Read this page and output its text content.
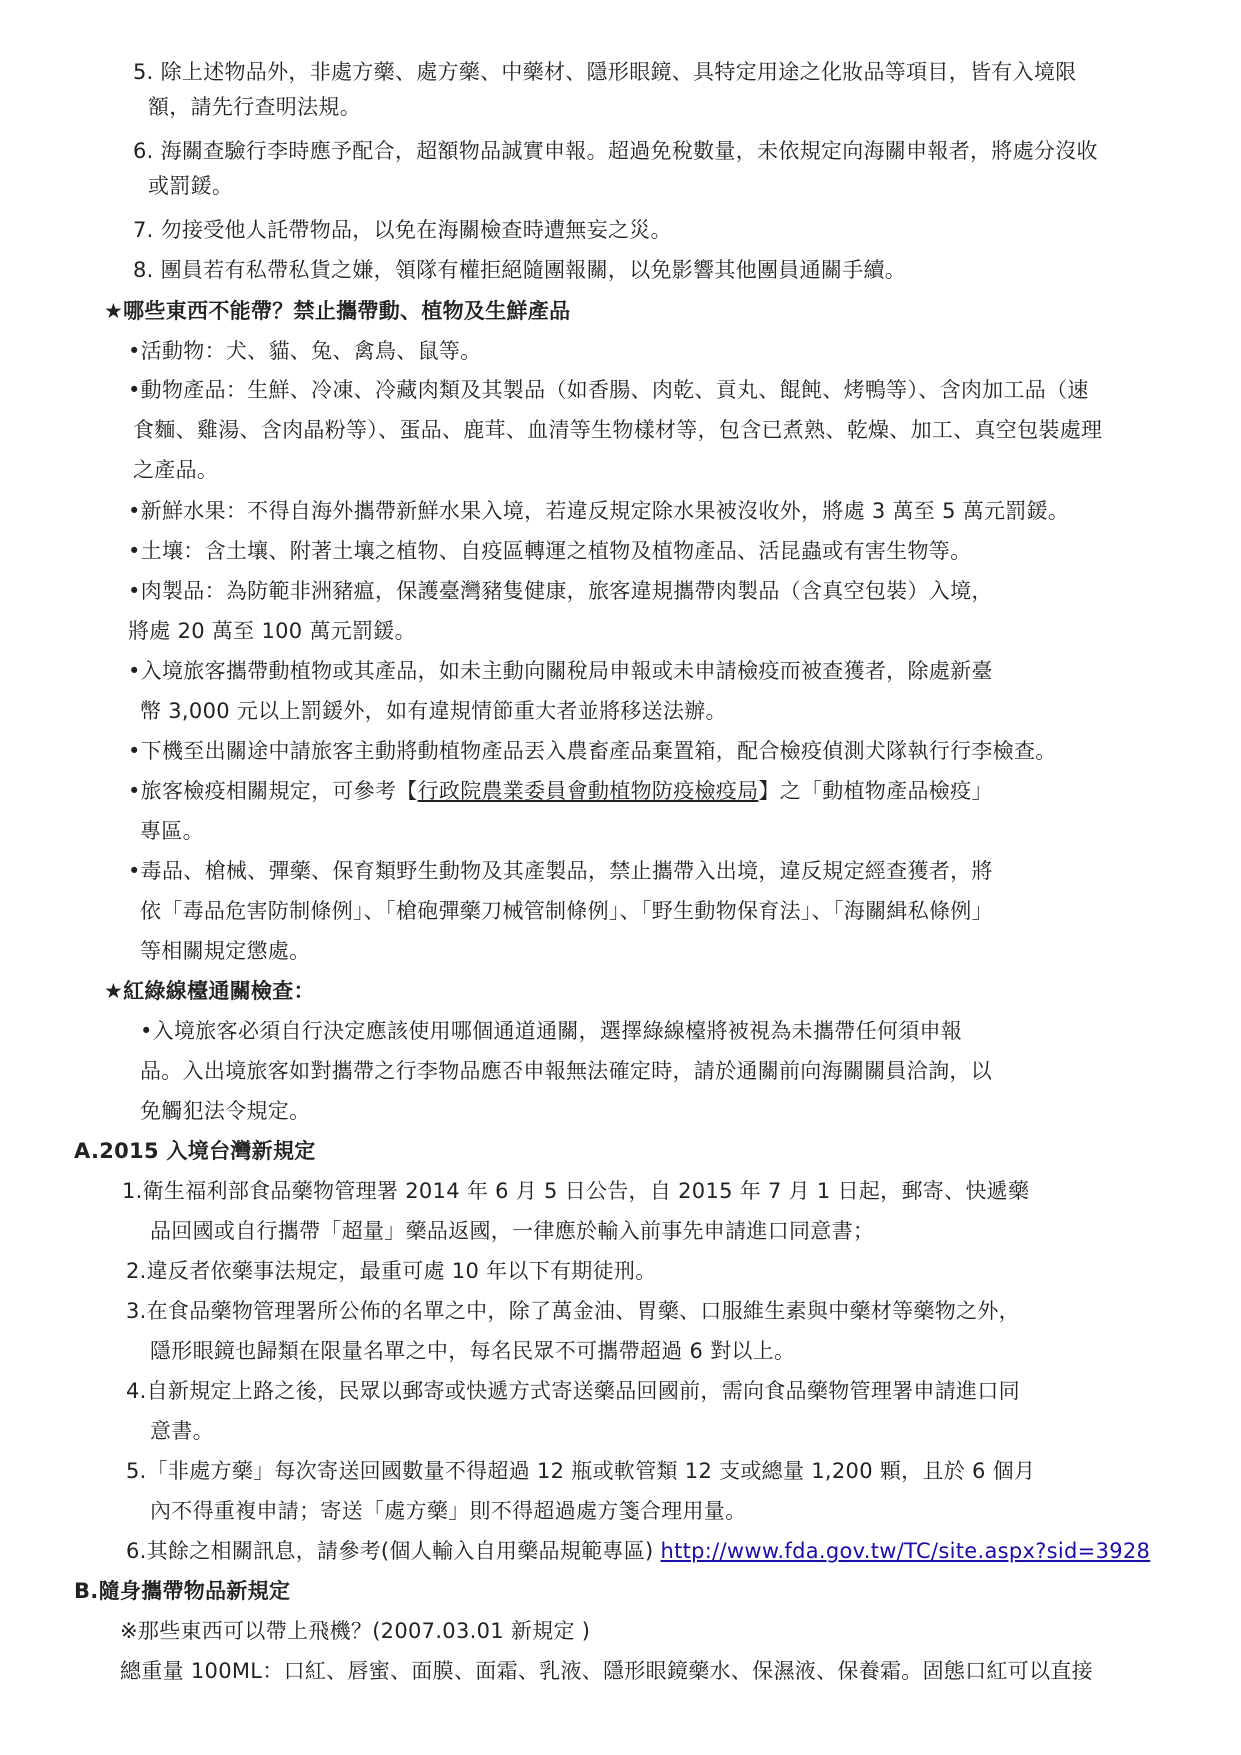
5. 除上述物品外，非處方藥、處方藥、中藥材、隱形眼鏡、具特定用途之化妝品等項目，皆有入境限
額，請先行查明法規。
6. 海關查驗行李時應予配合，超額物品誠實申報。超過免稅數量，未依規定向海關申報者，將處分沒收
或罰鍰。
7. 勿接受他人託帶物品，以免在海關檢查時遭無妄之災。
8. 團員若有私帶私貨之嫌，領隊有權拒絕隨團報關，以免影響其他團員通關手續。
★哪些東西不能帶？禁止攜帶動、植物及生鮮產品
•活動物：犬、貓、兔、禽鳥、鼠等。
•動物產品：生鮮、冷凍、冷藏肉類及其製品（如香腸、肉乾、貢丸、餛飩、烤鴨等）、含肉加工品（速
食麵、雞湯、含肉晶粉等）、蛋品、鹿茸、血清等生物樣材等，包含已煮熟、乾燥、加工、真空包裝處理
之產品。
•新鮮水果：不得自海外攜帶新鮮水果入境，若違反規定除水果被沒收外，將處 3 萬至 5 萬元罰鍰。
•土壤：含土壤、附著土壤之植物、自疫區轉運之植物及植物產品、活昆蟲或有害生物等。
•肉製品：為防範非洲豬瘟，保護臺灣豬隻健康，旅客違規攜帶肉製品（含真空包裝）入境，
將處 20 萬至 100 萬元罰鍰。
•入境旅客攜帶動植物或其產品，如未主動向關稅局申報或未申請檢疫而被查獲者，除處新臺
幣 3,000 元以上罰鍰外，如有違規情節重大者並將移送法辦。
•下機至出關途中請旅客主動將動植物產品丟入農畜產品棄置箱，配合檢疫偵測犬隊執行行李檢查。
•旅客檢疫相關規定，可參考【行政院農業委員會動植物防疫檢疫局】之「動植物產品檢疫」
專區。
•毒品、槍械、彈藥、保育類野生動物及其產製品，禁止攜帶入出境，違反規定經查獲者，將
依「毒品危害防制條例」、「槍砲彈藥刀械管制條例」、「野生動物保育法」、「海關緝私條例」
等相關規定懲處。
★紅綠線檯通關檢查：
•入境旅客必須自行決定應該使用哪個通道通關，選擇綠線檯將被視為未攜帶任何須申報
品。入出境旅客如對攜帶之行李物品應否申報無法確定時，請於通關前向海關關員洽詢，以
免觸犯法令規定。
A.2015 入境台灣新規定
1.衛生福利部食品藥物管理署 2014 年 6 月 5 日公告，自 2015 年 7 月 1 日起，郵寄、快遞藥
品回國或自行攜帶「超量」藥品返國，一律應於輸入前事先申請進口同意書；
2.違反者依藥事法規定，最重可處 10 年以下有期徒刑。
3.在食品藥物管理署所公佈的名單之中，除了萬金油、胃藥、口服維生素與中藥材等藥物之外，
隱形眼鏡也歸類在限量名單之中，每名民眾不可攜帶超過 6 對以上。
4.自新規定上路之後，民眾以郵寄或快遞方式寄送藥品回國前，需向食品藥物管理署申請進口同
意書。
5.「非處方藥」每次寄送回國數量不得超過 12 瓶或軟管類 12 支或總量 1,200 顆，且於 6 個月
內不得重複申請；寄送「處方藥」則不得超過處方箋合理用量。
6.其餘之相關訊息，請參考(個人輸入自用藥品規範專區) http://www.fda.gov.tw/TC/site.aspx?sid=3928
B.隨身攜帶物品新規定
※那些東西可以帶上飛機？(2007.03.01 新規定 )
總重量 100ML：口紅、唇蜜、面膜、面霜、乳液、隱形眼鏡藥水、保濕液、保養霜。固態口紅可以直接
